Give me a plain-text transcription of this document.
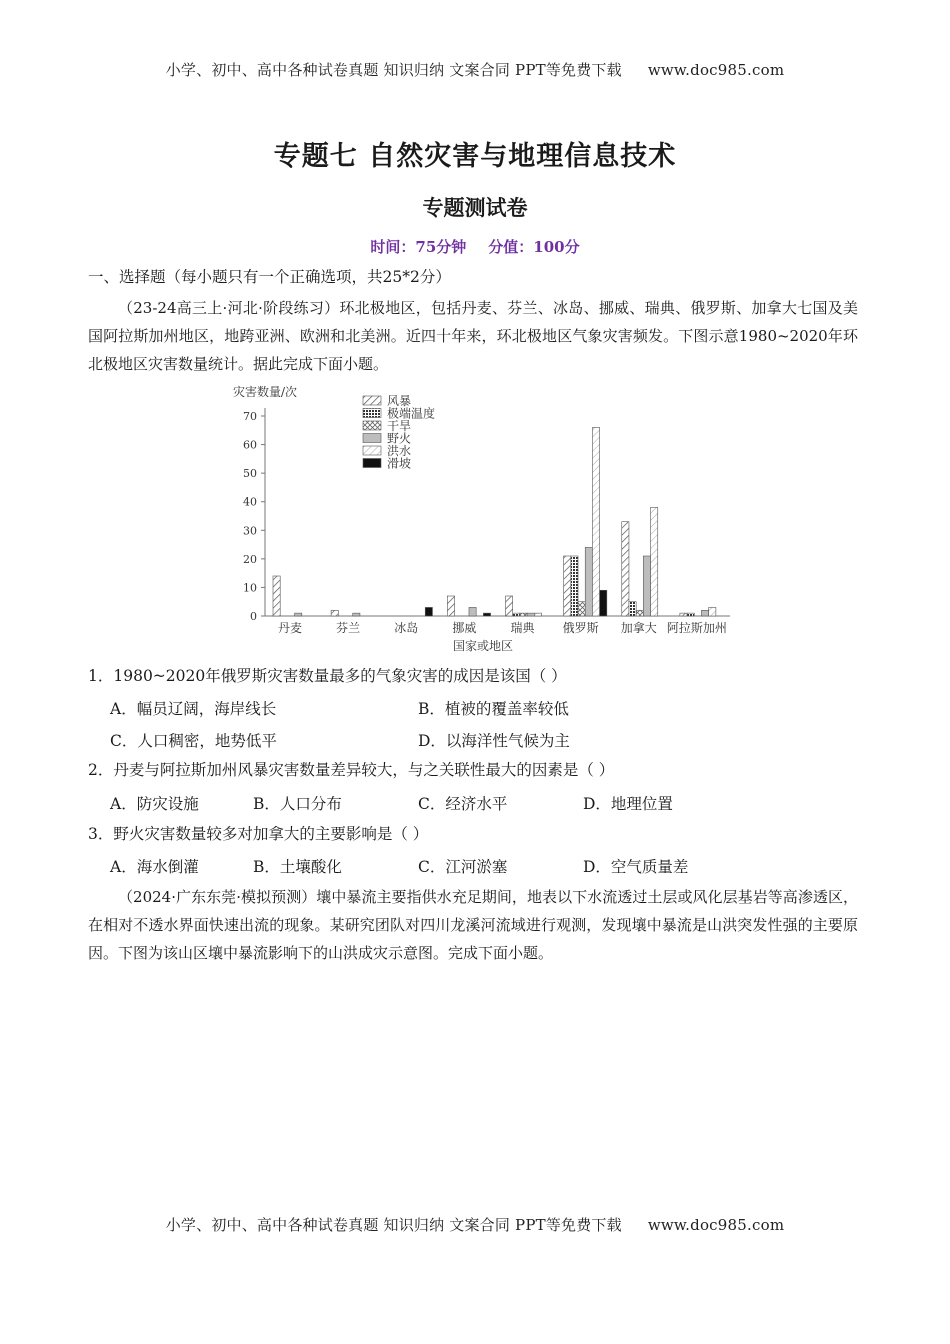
小学、初中、高中各种试卷真题 知识归纳 文案合同 PPT等免费下载 www.doc985.com
专题七 自然灾害与地理信息技术
专题测试卷
时间：75分钟 分值：100分
一、选择题（每小题只有一个正确选项，共25*2分）
（23-24高三上·河北·阶段练习）环北极地区，包括丹麦、芬兰、冰岛、挪威、瑞典、俄罗斯、加拿大七国及美国阿拉斯加州地区，地跨亚洲、欧洲和北美洲。近四十年来，环北极地区气象灾害频发。下图示意1980~2020年环北极地区灾害数量统计。据此完成下面小题。
灾害数量/次
0
10
20
30
40
50
60
70
丹麦	芬兰	冰岛	挪威	瑞典 俄罗斯 加拿大 阿拉斯加州
风暴
极端温度
干旱
野火
洪水
滑坡
国家或地区
1．1980~2020年俄罗斯灾害数量最多的气象灾害的成因是该国（ ）
A．幅员辽阔，海岸线长	B．植被的覆盖率较低
C．人口稠密，地势低平	D．以海洋性气候为主
2．丹麦与阿拉斯加州风暴灾害数量差异较大，与之关联性最大的因素是（ ）
A．防灾设施	B．人口分布	C．经济水平	D．地理位置
3．野火灾害数量较多对加拿大的主要影响是（ ）
A．海水倒灌	B．土壤酸化	C．江河淤塞	D．空气质量差
（2024·广东东莞·模拟预测）壤中暴流主要指供水充足期间，地表以下水流透过土层或风化层基岩等高渗透区，在相对不透水界面快速出流的现象。某研究团队对四川龙溪河流域进行观测，发现壤中暴流是山洪突发性强的主要原因。下图为该山区壤中暴流影响下的山洪成灾示意图。完成下面小题。
小学、初中、高中各种试卷真题 知识归纳 文案合同 PPT等免费下载 www.doc985.com
